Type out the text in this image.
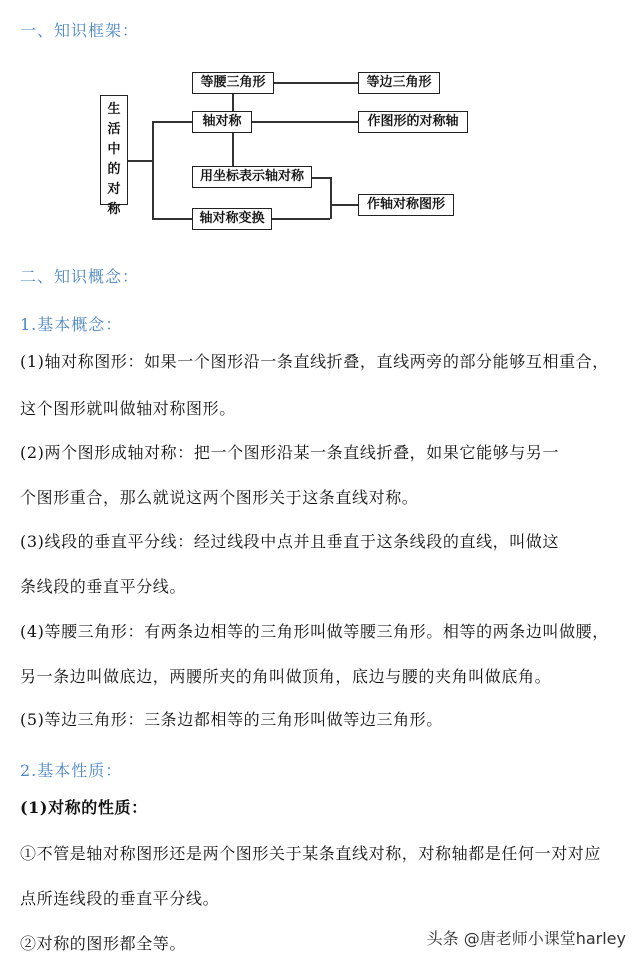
一、知识框架：
生活中的对称
等腰三角形	等边三角形
轴对称	作图形的对称轴
用坐标表示轴对称
轴对称变换
作轴对称图形
二、知识概念：
1.基本概念：
(1)轴对称图形：如果一个图形沿一条直线折叠，直线两旁的部分能够互相重合，
这个图形就叫做轴对称图形。
(2)两个图形成轴对称：把一个图形沿某一条直线折叠，如果它能够与另一
个图形重合，那么就说这两个图形关于这条直线对称。
(3)线段的垂直平分线：经过线段中点并且垂直于这条线段的直线，叫做这
条线段的垂直平分线。
(4)等腰三角形：有两条边相等的三角形叫做等腰三角形。相等的两条边叫做腰，
另一条边叫做底边，两腰所夹的角叫做顶角，底边与腰的夹角叫做底角。
(5)等边三角形：三条边都相等的三角形叫做等边三角形。
2.基本性质：
(1)对称的性质：
①不管是轴对称图形还是两个图形关于某条直线对称，对称轴都是任何一对对应
点所连线段的垂直平分线。
②对称的图形都全等。	头条 @唐老师小课堂harley
